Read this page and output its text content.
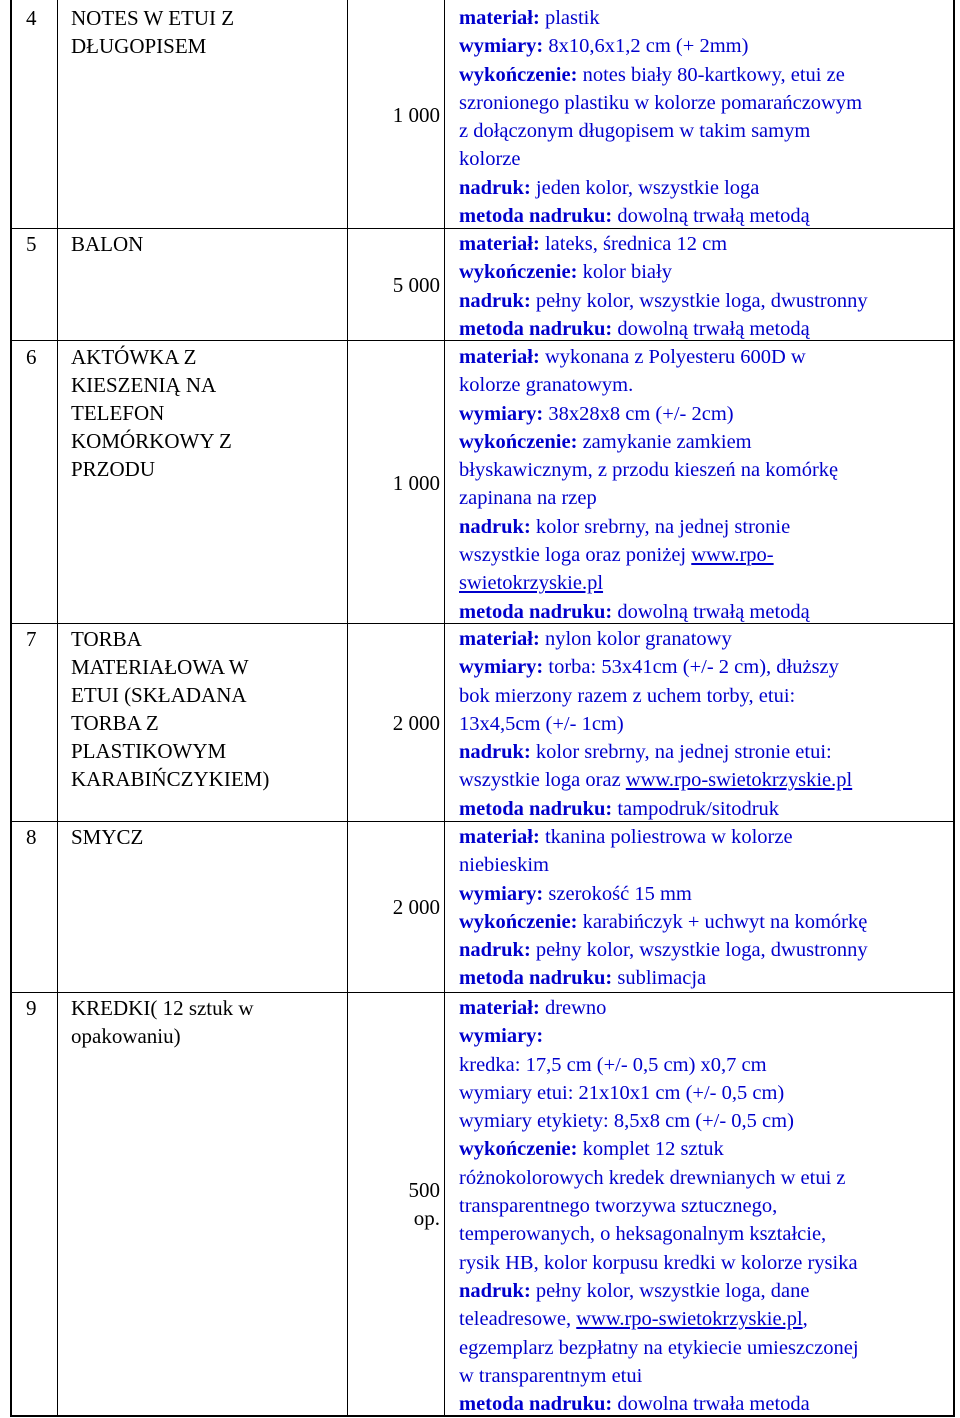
4 NOTES W ETUI Z
DŁUGOPISEM
1 000
materiał: plastik
wymiary: 8x10,6x1,2 cm (+ 2mm)
wykończenie: notes biały 80-kartkowy, etui ze
szronionego plastiku w kolorze pomarańczowym
z dołączonym długopisem w takim samym
kolorze
nadruk: jeden kolor, wszystkie loga
metoda nadruku: dowolną trwałą metodą
5 BALON
5 000
materiał: lateks, średnica 12 cm
wykończenie: kolor biały
nadruk: pełny kolor, wszystkie loga, dwustronny
metoda nadruku: dowolną trwałą metodą
6 AKTÓWKA Z
KIESZENIĄ NA
TELEFON
KOMÓRKOWY Z
PRZODU
1 000
materiał: wykonana z Polyesteru 600D w
kolorze granatowym.
wymiary: 38x28x8 cm (+/- 2cm)
wykończenie: zamykanie zamkiem
błyskawicznym, z przodu kieszeń na komórkę
zapinana na rzep
nadruk: kolor srebrny, na jednej stronie
wszystkie loga oraz poniżej www.rpo-
swietokrzyskie.pl
metoda nadruku: dowolną trwałą metodą
7 TORBA
MATERIAŁOWA W
ETUI (SKŁADANA
TORBA Z
PLASTIKOWYM
KARABIŃCZYKIEM)
2 000
materiał: nylon kolor granatowy
wymiary: torba: 53x41cm (+/- 2 cm), dłuższy
bok mierzony razem z uchem torby, etui:
13x4,5cm (+/- 1cm)
nadruk: kolor srebrny, na jednej stronie etui:
wszystkie loga oraz www.rpo-swietokrzyskie.pl
metoda nadruku: tampodruk/sitodruk
8 SMYCZ
2 000
materiał: tkanina poliestrowa w kolorze
niebieskim
wymiary: szerokość 15 mm
wykończenie: karabińczyk + uchwyt na komórkę
nadruk: pełny kolor, wszystkie loga, dwustronny
metoda nadruku: sublimacja
9 KREDKI( 12 sztuk w
opakowaniu)
500
op.
materiał: drewno
wymiary:
kredka: 17,5 cm (+/- 0,5 cm) x0,7 cm
wymiary etui: 21x10x1 cm (+/- 0,5 cm)
wymiary etykiety: 8,5x8 cm (+/- 0,5 cm)
wykończenie: komplet 12 sztuk
różnokolorowych kredek drewnianych w etui z
transparentnego tworzywa sztucznego,
temperowanych, o heksagonalnym kształcie,
rysik HB, kolor korpusu kredki w kolorze rysika
nadruk: pełny kolor, wszystkie loga, dane
teleadresowe, www.rpo-swietokrzyskie.pl,
egzemplarz bezpłatny na etykiecie umieszczonej
w transparentnym etui
metoda nadruku: dowolna trwała metoda
